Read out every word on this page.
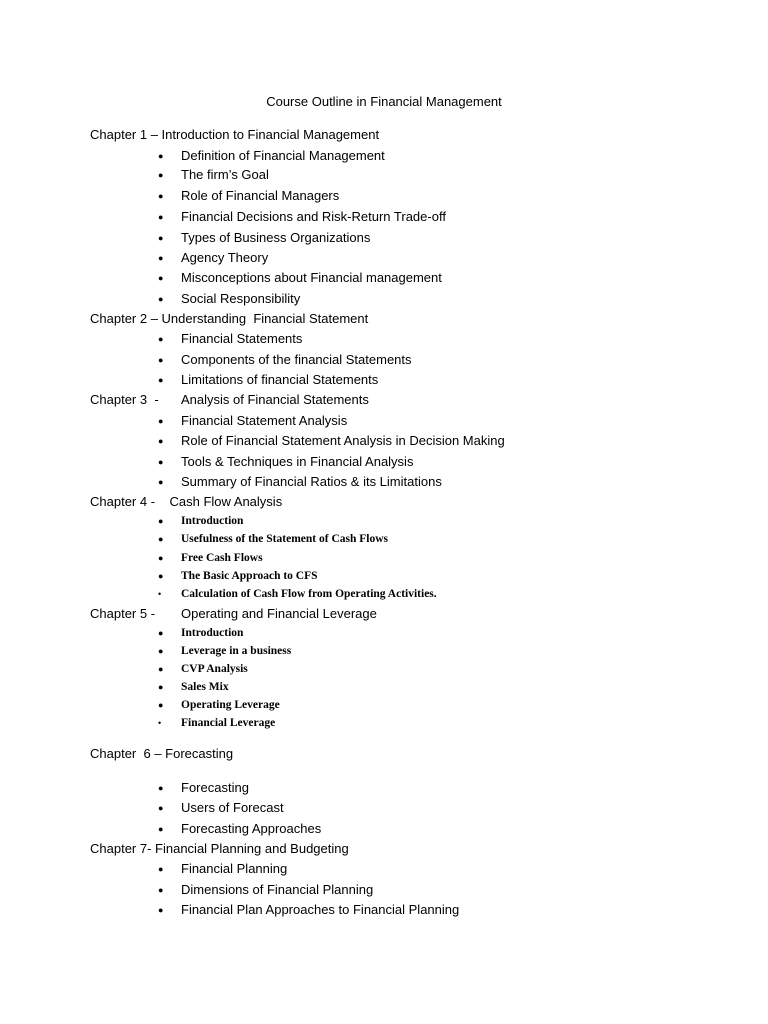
Course Outline in Financial Management
Chapter 1 – Introduction to Financial Management
● Definition of Financial Management
● The firm’s Goal
● Role of Financial Managers
● Financial Decisions and Risk-Return Trade-off
● Types of Business Organizations
● Agency Theory
● Misconceptions about Financial management
● Social Responsibility
Chapter 2 – Understanding  Financial Statement
● Financial Statements
● Components of the financial Statements
● Limitations of financial Statements
Chapter 3  - Analysis of Financial Statements
● Financial Statement Analysis
● Role of Financial Statement Analysis in Decision Making
● Tools & Techniques in Financial Analysis
● Summary of Financial Ratios & its Limitations
Chapter 4 -    Cash Flow Analysis
● Introduction
● Usefulness of the Statement of Cash Flows
● Free Cash Flows
● The Basic Approach to CFS
• Calculation of Cash Flow from Operating Activities.
Chapter 5 - Operating and Financial Leverage
● Introduction
● Leverage in a business
● CVP Analysis
● Sales Mix
● Operating Leverage
• Financial Leverage
Chapter  6 – Forecasting
● Forecasting
● Users of Forecast
● Forecasting Approaches
Chapter 7- Financial Planning and Budgeting
● Financial Planning
● Dimensions of Financial Planning
● Financial Plan Approaches to Financial Planning
